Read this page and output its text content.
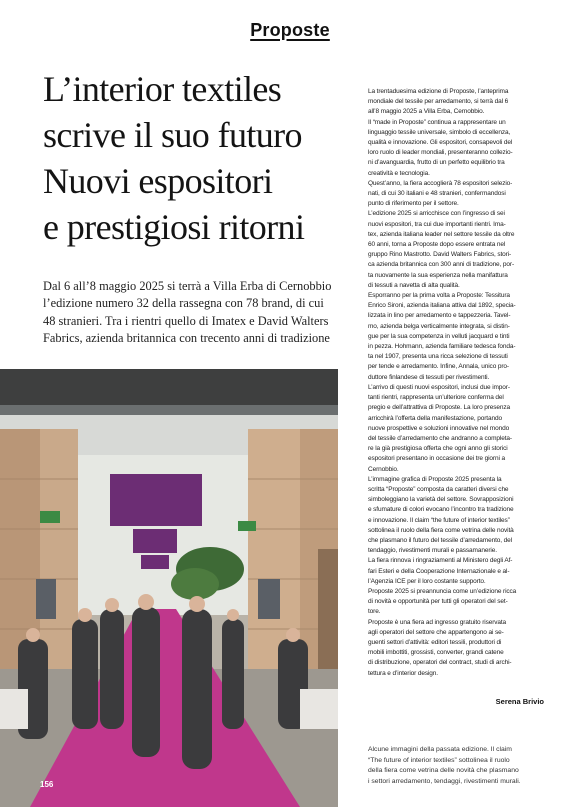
Proposte
L’interior textiles
scrive il suo futuro
Nuovi espositori
e prestigiosi ritorni

Dal 6 all’8 maggio 2025 si terrà a Villa Erba di Cernobbio
l’edizione numero 32 della rassegna con 78 brand, di cui
48 stranieri. Tra i rientri quello di Imatex e David Walters
Fabrics, azienda britannica con trecento anni di tradizione

La trentaduesima edizione di Proposte, l’anteprima
mondiale del tessile per arredamento, si terrà dal 6
all’8 maggio 2025 a Villa Erba, Cernobbio.

Il “made in Proposte” continua a rappresentare un
linguaggio tessile universale, simbolo di eccellenza,
qualità e innovazione. Gli espositori, consapevoli del
loro ruolo di leader mondiali, presenteranno collezio-
ni d’avanguardia, frutto di un perfetto equilibrio tra
creatività e tecnologia.

Quest’anno, la fiera accoglierà 78 espositori selezio-
nati, di cui 30 italiani e 48 stranieri, confermandosi
punto di riferimento per il settore.

L’edizione 2025 si arricchisce con l’ingresso di sei
nuovi espositori, tra cui due importanti rientri. Ima-
tex, azienda italiana leader nel settore tessile da oltre
60 anni, torna a Proposte dopo essere entrata nel
gruppo Rino Mastrotto. David Walters Fabrics, stori-
ca azienda britannica con 300 anni di tradizione, por-
ta nuovamente la sua esperienza nella manifattura
di tessuti a navetta di alta qualità.

Esporranno per la prima volta a Proposte: Tessitura
Enrico Sironi, azienda italiana attiva dal 1892, specia-
lizzata in lino per arredamento e tappezzeria. Tavel-
mo, azienda belga verticalmente integrata, si distin-
gue per la sua competenza in velluti jacquard e tinti
in pezza. Hohmann, azienda familiare tedesca fonda-
ta nel 1907, presenta una ricca selezione di tessuti
per tende e arredamento. Infine, Annala, unico pro-
duttore finlandese di tessuti per rivestimenti.

L’arrivo di questi nuovi espositori, inclusi due impor-
tanti rientri, rappresenta un’ulteriore conferma del
pregio e dell’attrattiva di Proposte. La loro presenza
arricchirà l’offerta della manifestazione, portando
nuove prospettive e soluzioni innovative nel mondo
del tessile d’arredamento che andranno a completa-
re la già prestigiosa offerta che ogni anno gli storici
espositori presentano in occasione dei tre giorni a
Cernobbio.

L’immagine grafica di Proposte 2025 presenta la
scritta “Proposte” composta da caratteri diversi che
simboleggiano la varietà del settore. Sovrapposizioni
e sfumature di colori evocano l’incontro tra tradizione
e innovazione. Il claim “the future of interior textiles”
sottolinea il ruolo della fiera come vetrina delle novità
che plasmano il futuro del tessile d’arredamento, del
tendaggio, rivestimenti murali e passamanerie.

La fiera rinnova i ringraziamenti al Ministero degli Af-
fari Esteri e della Cooperazione Internazionale e al-
l’Agenzia ICE per il loro costante supporto.

Proposte 2025 si preannuncia come un’edizione ricca
di novità e opportunità per tutti gli operatori del set-
tore.

Proposte è una fiera ad ingresso gratuito riservata
agli operatori del settore che appartengono ai se-
guenti settori d’attività: editori tessili, produttori di
mobili imbottiti, grossisti, converter, grandi catene
di distribuzione, operatori del contract, studi di archi-
tettura e d’interior design.

Serena Brivio
Alcune immagini della passata edizione. Il claim
“The future of interior textiles” sottolinea il ruolo
della fiera come vetrina delle novità che plasmano
i settori arredamento, tendaggi, rivestimenti murali.
156
